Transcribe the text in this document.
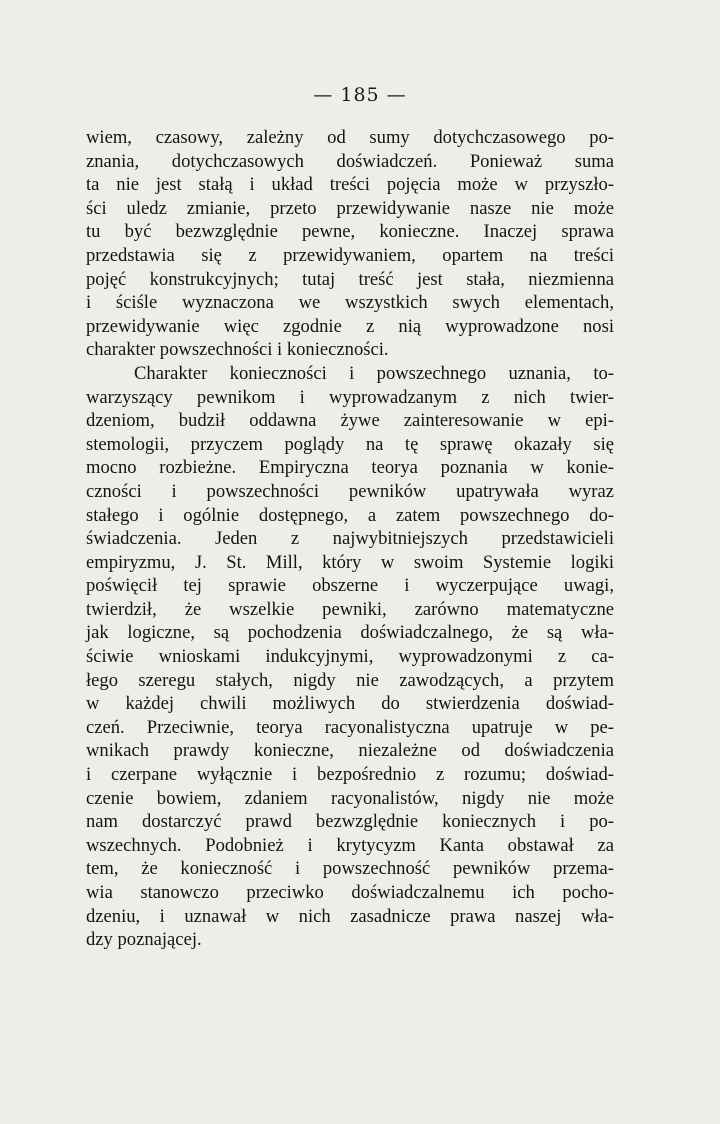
— 185 —
wiem, czasowy, zależny od sumy dotychczasowego po-
znania, dotychczasowych doświadczeń. Ponieważ suma
ta nie jest stałą i układ treści pojęcia może w przyszło-
ści uledz zmianie, przeto przewidywanie nasze nie może
tu być bezwzględnie pewne, konieczne. Inaczej sprawa
przedstawia się z przewidywaniem, opartem na treści
pojęć konstrukcyjnych; tutaj treść jest stała, niezmienna
i ściśle wyznaczona we wszystkich swych elementach,
przewidywanie więc zgodnie z nią wyprowadzone nosi
charakter powszechności i konieczności.
Charakter konieczności i powszechnego uznania, to-
warzyszący pewnikom i wyprowadzanym z nich twier-
dzeniom, budził oddawna żywe zainteresowanie w epi-
stemologii, przyczem poglądy na tę sprawę okazały się
mocno rozbieżne. Empiryczna teorya poznania w konie-
czności i powszechności pewników upatrywała wyraz
stałego i ogólnie dostępnego, a zatem powszechnego do-
świadczenia. Jeden z najwybitniejszych przedstawicieli
empiryzmu, J. St. Mill, który w swoim Systemie logiki
poświęcił tej sprawie obszerne i wyczerpujące uwagi,
twierdził, że wszelkie pewniki, zarówno matematyczne
jak logiczne, są pochodzenia doświadczalnego, że są wła-
ściwie wnioskami indukcyjnymi, wyprowadzonymi z ca-
łego szeregu stałych, nigdy nie zawodzących, a przytem
w każdej chwili możliwych do stwierdzenia doświad-
czeń. Przeciwnie, teorya racyonalistyczna upatruje w pe-
wnikach prawdy konieczne, niezależne od doświadczenia
i czerpane wyłącznie i bezpośrednio z rozumu; doświad-
czenie bowiem, zdaniem racyonalistów, nigdy nie może
nam dostarczyć prawd bezwzględnie koniecznych i po-
wszechnych. Podobnież i krytycyzm Kanta obstawał za
tem, że konieczność i powszechność pewników przema-
wia stanowczo przeciwko doświadczalnemu ich pocho-
dzeniu, i uznawał w nich zasadnicze prawa naszej wła-
dzy poznającej.
